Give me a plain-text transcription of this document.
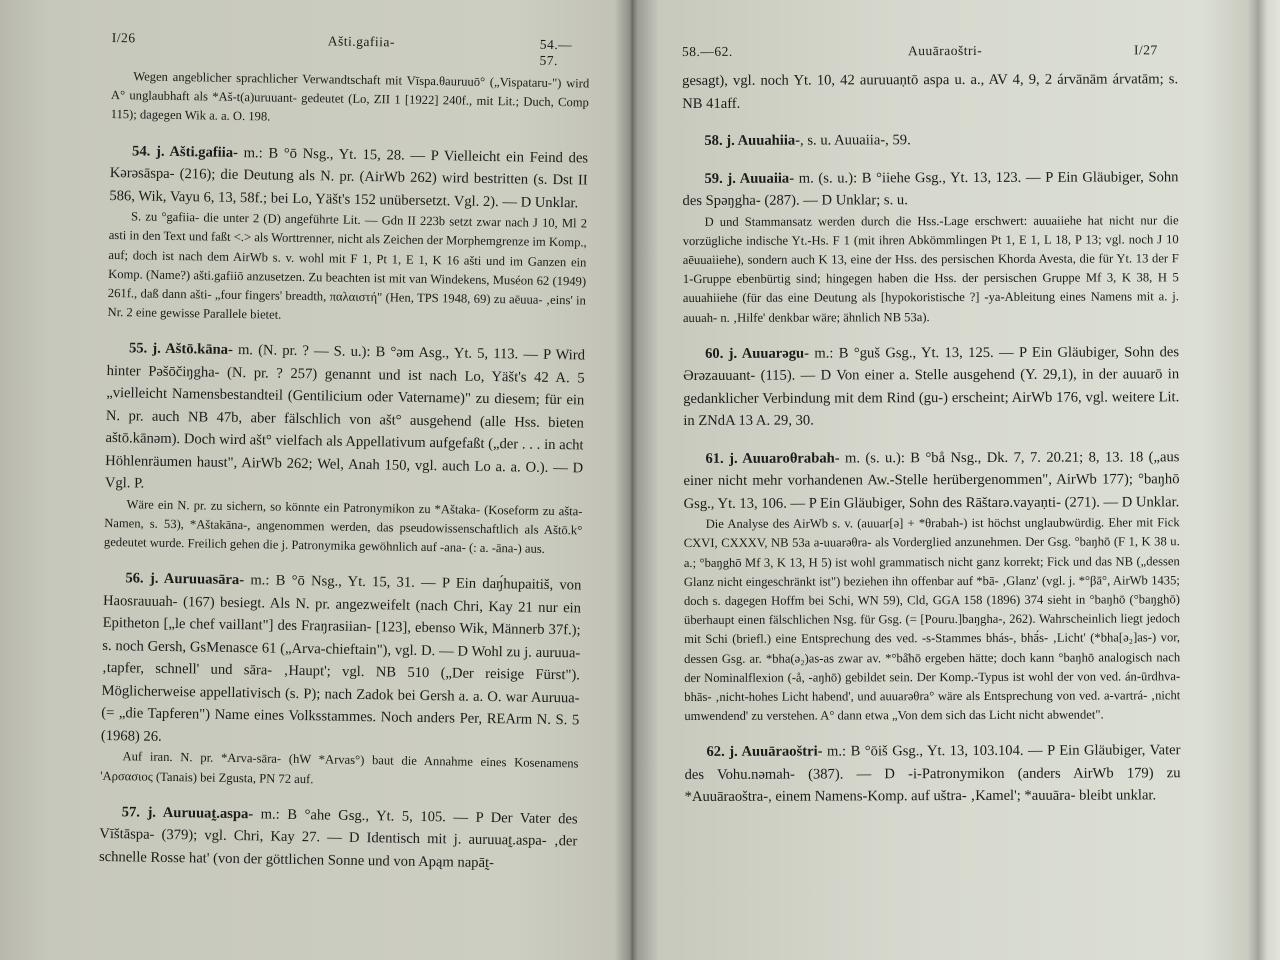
I/26	Ašti.gafiia-	54.—57.

Wegen angeblicher sprachlicher Verwandtschaft mit Vīspa.θauruuō° („Vispataru-") wird A° unglaubhaft als *Aš-t(a)uruuant- gedeutet (Lo, ZII 1 [1922] 240f., mit Lit.; Duch, Comp 115); dagegen Wik a. a. O. 198.

54. j. Ašti.gafiia- m.: B °ō Nsg., Yt. 15, 28. — P Vielleicht ein Feind des Kərəsāspa- (216); die Deutung als N. pr. (AirWb 262) wird bestritten (s. Dst II 586, Wik, Vayu 6, 13, 58f.; bei Lo, Yäšt's 152 unübersetzt. Vgl. 2). — D Unklar.

S. zu °gafiia- die unter 2 (D) angeführte Lit. — Gdn II 223b setzt zwar nach J 10, Ml 2 asti in den Text und faßt <.> als Worttrenner, nicht als Zeichen der Morphemgrenze im Komp., auf; doch ist nach dem AirWb s. v. wohl mit F 1, Pt 1, E 1, K 16 ašti und im Ganzen ein Komp. (Name?) ašti.gafiiō anzusetzen. Zu beachten ist mit van Windekens, Muséon 62 (1949) 261f., daß dann ašti- „four fingers' breadth, παλαιστή" (Hen, TPS 1948, 69) zu aēuua- ‚eins' in Nr. 2 eine gewisse Parallele bietet.

55. j. Aštō.kāna- m. (N. pr. ? — S. u.): B °əm Asg., Yt. 5, 113. — P Wird hinter Pəšōčiŋgha- (N. pr. ? 257) genannt und ist nach Lo, Yäšt's 42 A. 5 „vielleicht Namensbestandteil (Gentilicium oder Vatername)" zu diesem; für ein N. pr. auch NB 47b, aber fälschlich von ašt° ausgehend (alle Hss. bieten aštō.kānəm). Doch wird ašt° vielfach als Appellativum aufgefaßt („der . . . in acht Höhlenräumen haust", AirWb 262; Wel, Anah 150, vgl. auch Lo a. a. O.). — D Vgl. P.

Wäre ein N. pr. zu sichern, so könnte ein Patronymikon zu *Aštaka- (Koseform zu ašta-Namen, s. 53), *Aštakāna-, angenommen werden, das pseudowissenschaftlich als Aštō.k° gedeutet wurde. Freilich gehen die j. Patronymika gewöhnlich auf -ana- (: a. -āna-) aus.

56. j. Auruuasāra- m.: B °ō Nsg., Yt. 15, 31. — P Ein daŋ́hupaitiš, von Haosrauuah- (167) besiegt. Als N. pr. angezweifelt (nach Chri, Kay 21 nur ein Epitheton [„le chef vaillant"] des Fraŋrasiian- [123], ebenso Wik, Männerb 37f.); s. noch Gersh, GsMenasce 61 („Arva-chieftain"), vgl. D. — D Wohl zu j. auruua- ‚tapfer, schnell' und sāra- ‚Haupt'; vgl. NB 510 („Der reisige Fürst"). Möglicherweise appellativisch (s. P); nach Zadok bei Gersh a. a. O. war Auruua- (= „die Tapferen") Name eines Volksstammes. Noch anders Per, REArm N. S. 5 (1968) 26.

Auf iran. N. pr. *Arva-sāra- (hW *Arvas°) baut die Annahme eines Kosenamens 'Αρσασιος (Tanais) bei Zgusta, PN 72 auf.

57. j. Auruuat̰.aspa- m.: B °ahe Gsg., Yt. 5, 105. — P Der Vater des Vīštāspa- (379); vgl. Chri, Kay 27. — D Identisch mit j. auruuat̰.aspa- ‚der schnelle Rosse hat' (von der göttlichen Sonne und von Apąm napāt̰-

58.—62.	Auuāraoštri-	I/27

gesagt), vgl. noch Yt. 10, 42 auruuaṇtō aspa u. a., AV 4, 9, 2 árvānām árvatām; s. NB 41aff.

58. j. Auuahiia-, s. u. Auuaiia-, 59.

59. j. Auuaiia- m. (s. u.): B °iiehe Gsg., Yt. 13, 123. — P Ein Gläubiger, Sohn des Spəŋgha- (287). — D Unklar; s. u.

D und Stammansatz werden durch die Hss.-Lage erschwert: auuaiiehe hat nicht nur die vorzügliche indische Yt.-Hs. F 1 (mit ihren Abkömmlingen Pt 1, E 1, L 18, P 13; vgl. noch J 10 aēuuaiiehe), sondern auch K 13, eine der Hss. des persischen Khorda Avesta, die für Yt. 13 der F 1-Gruppe ebenbürtig sind; hingegen haben die Hss. der persischen Gruppe Mf 3, K 38, H 5 auuahiiehe (für das eine Deutung als [hypokoristische ?] -ya-Ableitung eines Namens mit a. j. auuah- n. ‚Hilfe' denkbar wäre; ähnlich NB 53a).

60. j. Auuarəgu- m.: B °guš Gsg., Yt. 13, 125. — P Ein Gläubiger, Sohn des Ərəzauuant- (115). — D Von einer a. Stelle ausgehend (Y. 29,1), in der auuarō in gedanklicher Verbindung mit dem Rind (gu-) erscheint; AirWb 176, vgl. weitere Lit. in ZNdA 13 A. 29, 30.

61. j. Auuaroθrabah- m. (s. u.): B °bå Nsg., Dk. 7, 7. 20.21; 8, 13. 18 („aus einer nicht mehr vorhandenen Aw.-Stelle herübergenommen", AirWb 177); °baŋhō Gsg., Yt. 13, 106. — P Ein Gläubiger, Sohn des Rāštarə.vayaṇti- (271). — D Unklar.

Die Analyse des AirWb s. v. (auuar[ə] + *θrabah-) ist höchst unglaubwürdig. Eher mit Fick CXVI, CXXXV, NB 53a a-uuarəθra- als Vorderglied anzunehmen. Der Gsg. °baŋhō (F 1, K 38 u. a.; °baŋghō Mf 3, K 13, H 5) ist wohl grammatisch nicht ganz korrekt; Fick und das NB („dessen Glanz nicht eingeschränkt ist") beziehen ihn offenbar auf *bā- ‚Glanz' (vgl. j. *°βā°, AirWb 1435; doch s. dagegen Hoffm bei Schi, WN 59), Cld, GGA 158 (1896) 374 sieht in °baŋhō (°baŋghō) überhaupt einen fälschlichen Nsg. für Gsg. (= [Pouru.]baŋgha-, 262). Wahrscheinlich liegt jedoch mit Schi (briefl.) eine Entsprechung des ved. -s-Stammes bhás-, bhā́s- ‚Licht' (*bha[ə₂]as-) vor, dessen Gsg. ar. *bha(ə₂)as-as zwar av. *°bå̄hō ergeben hätte; doch kann °baŋhō analogisch nach der Nominalflexion (-å, -aŋhō) gebildet sein. Der Komp.-Typus ist wohl der von ved. án-ūrdhva-bhās- ‚nicht-hohes Licht habend', und auuarəθra° wäre als Entsprechung von ved. a-vartrá- ‚nicht umwendend' zu verstehen. A° dann etwa „Von dem sich das Licht nicht abwendet".

62. j. Auuāraoštri- m.: B °ōiš Gsg., Yt. 13, 103.104. — P Ein Gläubiger, Vater des Vohu.nəmah- (387). — D -i-Patronymikon (anders AirWb 179) zu *Auuāraoštra-, einem Namens-Komp. auf uštra- ‚Kamel'; *auuāra- bleibt unklar.
